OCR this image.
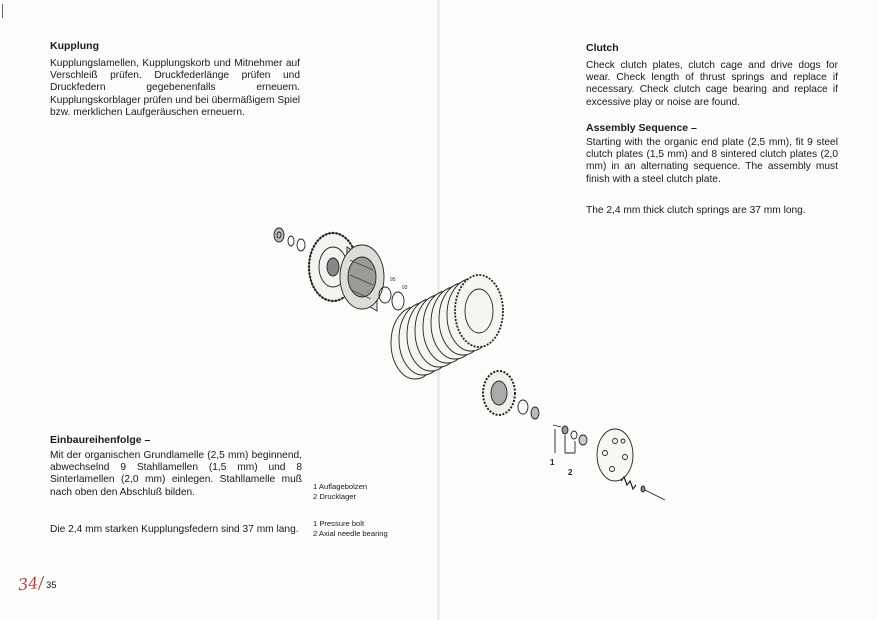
Kupplung

Kupplungslamellen, Kupplungskorb und Mitnehmer auf Verschleiß prüfen. Druckfederlänge prüfen und Druckfedern gegebenenfalls erneuern. Kupplungskorblager prüfen und bei übermäßigem Spiel bzw. merklichen Laufgeräuschen erneuern.

Einbaureihenfolge –

Mit der organischen Grundlamelle (2,5 mm) beginnend, abwechselnd 9 Stahllamellen (1,5 mm) und 8 Sinterlamellen (2,0 mm) einlegen. Stahllamelle muß nach oben den Abschluß bilden.

Die 2,4 mm starken Kupplungsfedern sind 37 mm lang.

34/ 35
1 Auflagebolzen
2 Drucklager
1 Pressure bolt
2 Axial needle bearing
Clutch

Check clutch plates, clutch cage and drive dogs for wear. Check length of thrust springs and replace if necessary. Check clutch cage bearing and replace if excessive play or noise are found.

Assembly Sequence –

Starting with the organic end plate (2,5 mm), fit 9 steel clutch plates (1,5 mm) and 8 sintered clutch plates (2,0 mm) in an alternating sequence. The assembly must finish with a steel clutch plate.

The 2,4 mm thick clutch springs are 37 mm long.

95
93
1
2
